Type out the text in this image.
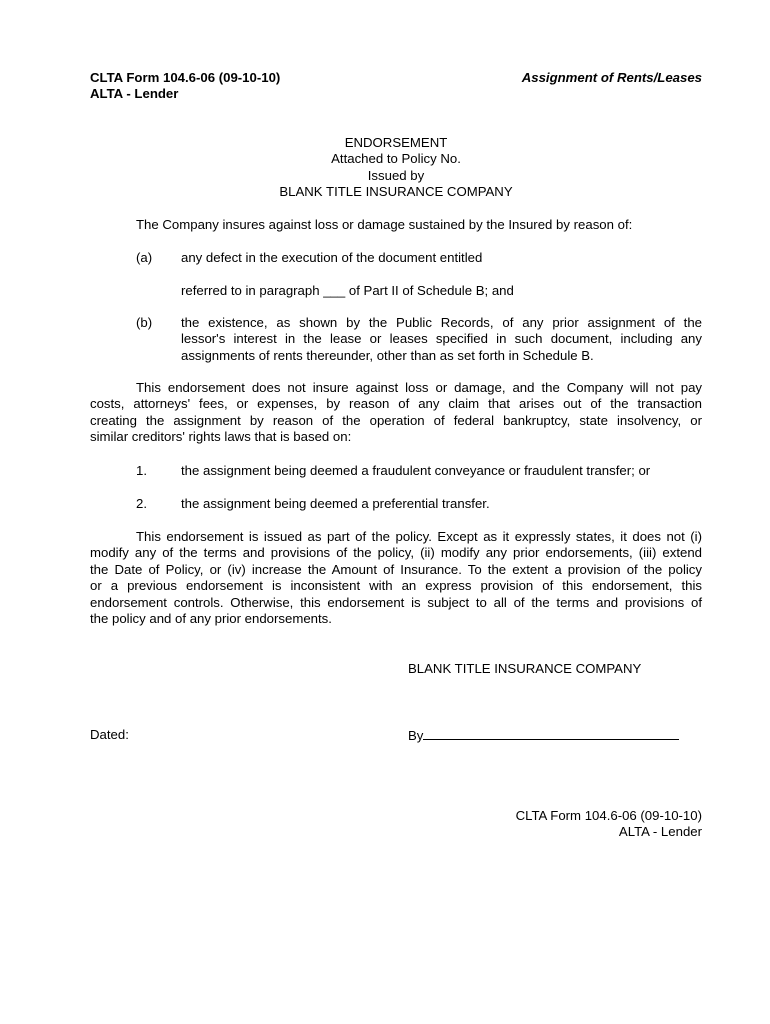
CLTA Form 104.6-06 (09-10-10)
ALTA - Lender
Assignment of Rents/Leases
ENDORSEMENT
Attached to Policy No.
Issued by
BLANK TITLE INSURANCE COMPANY
The Company insures against loss or damage sustained by the Insured by reason of:
(a) any defect in the execution of the document entitled
referred to in paragraph ___ of Part II of Schedule B; and
(b) the existence, as shown by the Public Records, of any prior assignment of the
lessor's interest in the lease or leases specified in such document, including any
assignments of rents thereunder, other than as set forth in Schedule B.
This endorsement does not insure against loss or damage, and the Company will not pay
costs, attorneys' fees, or expenses, by reason of any claim that arises out of the transaction
creating the assignment by reason of the operation of federal bankruptcy, state insolvency, or
similar creditors' rights laws that is based on:
1.	the assignment being deemed a fraudulent conveyance or fraudulent transfer; or
2.	the assignment being deemed a preferential transfer.
This endorsement is issued as part of the policy. Except as it expressly states, it does not (i)
modify any of the terms and provisions of the policy, (ii) modify any prior endorsements, (iii) extend
the Date of Policy, or (iv) increase the Amount of Insurance. To the extent a provision of the policy
or a previous endorsement is inconsistent with an express provision of this endorsement, this
endorsement controls. Otherwise, this endorsement is subject to all of the terms and provisions of
the policy and of any prior endorsements.
BLANK TITLE INSURANCE COMPANY
Dated:	By
CLTA Form 104.6-06 (09-10-10)
ALTA - Lender
